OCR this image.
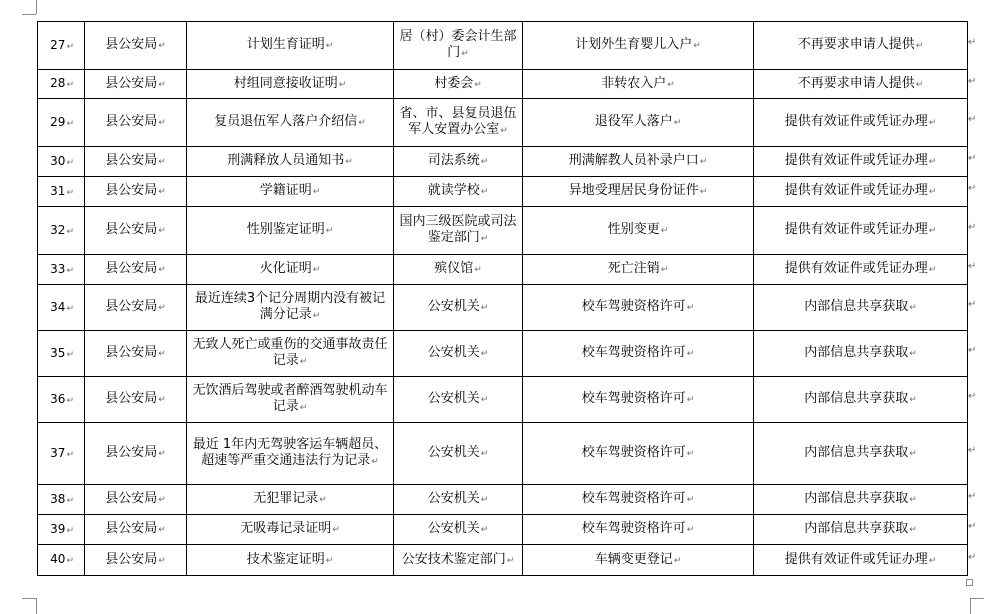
27↵	县公安局↵	计划生育证明↵	居（村）委会计生部门↵	计划外生育婴儿入户↵	不再要求申请人提供↵
28↵	县公安局↵	村组同意接收证明↵	村委会↵	非转农入户↵	不再要求申请人提供↵
29↵	县公安局↵	复员退伍军人落户介绍信↵	省、市、县复员退伍军人安置办公室↵	退役军人落户↵	提供有效证件或凭证办理↵
30↵	县公安局↵	刑满释放人员通知书↵	司法系统↵	刑满解教人员补录户口↵	提供有效证件或凭证办理↵
31↵	县公安局↵	学籍证明↵	就读学校↵	异地受理居民身份证件↵	提供有效证件或凭证办理↵
32↵	县公安局↵	性别鉴定证明↵	国内三级医院或司法鉴定部门↵	性别变更↵	提供有效证件或凭证办理↵
33↵	县公安局↵	火化证明↵	殡仪馆↵	死亡注销↵	提供有效证件或凭证办理↵
34↵	县公安局↵	最近连续3个记分周期内没有被记满分记录↵	公安机关↵	校车驾驶资格许可↵	内部信息共享获取↵
35↵	县公安局↵	无致人死亡或重伤的交通事故责任记录↵	公安机关↵	校车驾驶资格许可↵	内部信息共享获取↵
36↵	县公安局↵	无饮酒后驾驶或者醉酒驾驶机动车记录↵	公安机关↵	校车驾驶资格许可↵	内部信息共享获取↵
37↵	县公安局↵	最近 1年内无驾驶客运车辆超员、超速等严重交通违法行为记录↵	公安机关↵	校车驾驶资格许可↵	内部信息共享获取↵
38↵	县公安局↵	无犯罪记录↵	公安机关↵	校车驾驶资格许可↵	内部信息共享获取↵
39↵	县公安局↵	无吸毒记录证明↵	公安机关↵	校车驾驶资格许可↵	内部信息共享获取↵
40↵	县公安局↵	技术鉴定证明↵	公安技术鉴定部门↵	车辆变更登记↵	提供有效证件或凭证办理↵
↵
↵
↵
↵
↵
↵
↵
↵
↵
↵
↵
↵
↵
↵
